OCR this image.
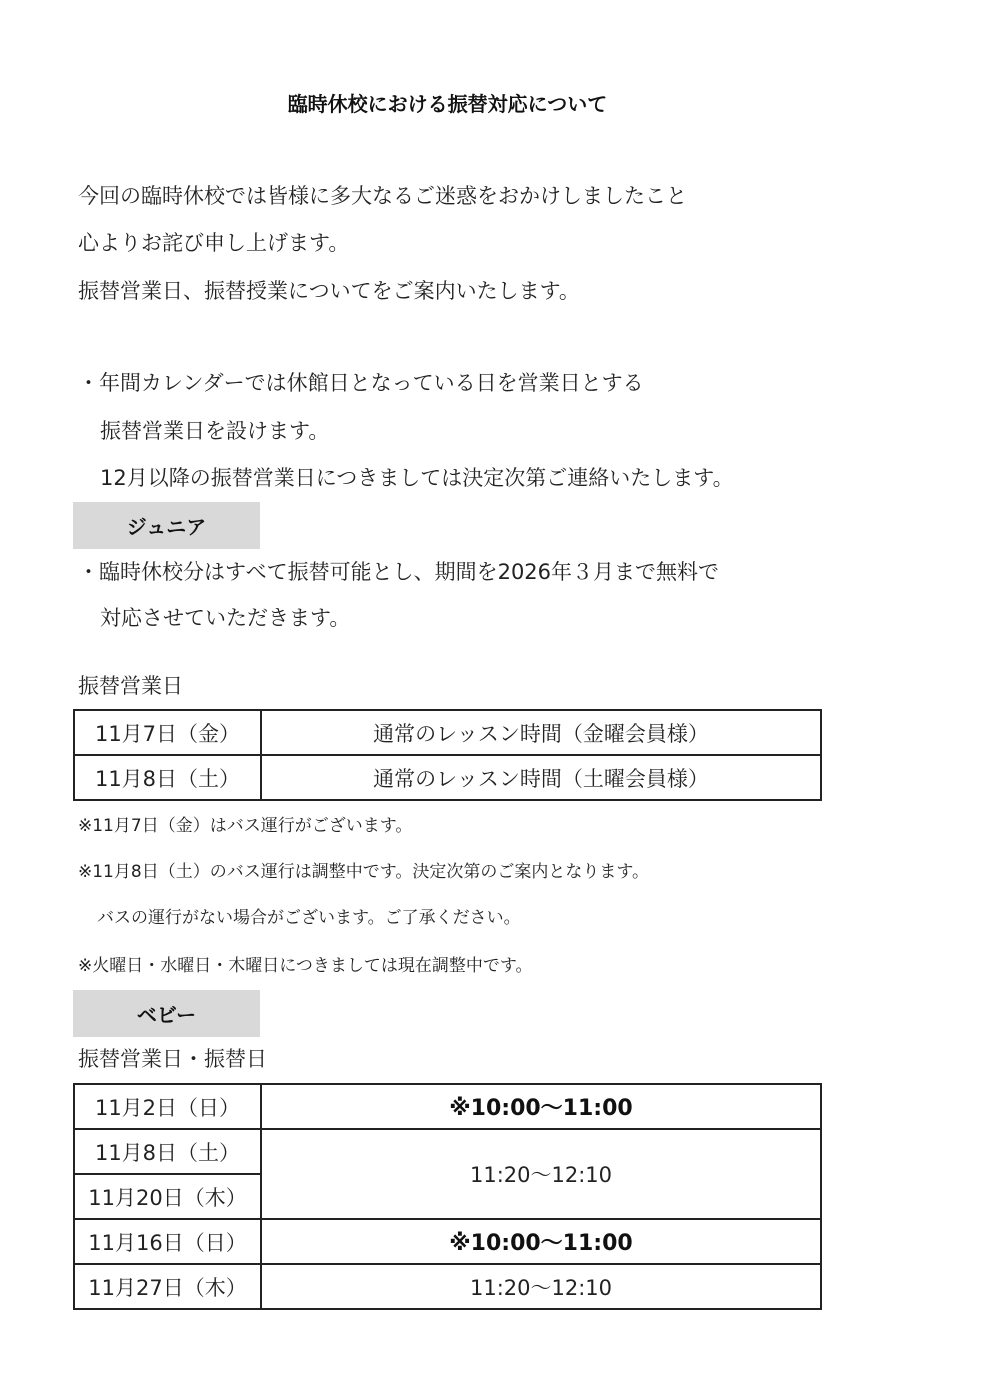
臨時休校における振替対応について
今回の臨時休校では皆様に多大なるご迷惑をおかけしましたこと
心よりお詫び申し上げます。
振替営業日、振替授業についてをご案内いたします。
・年間カレンダーでは休館日となっている日を営業日とする
振替営業日を設けます。
12月以降の振替営業日につきましては決定次第ご連絡いたします。
ジュニア
・臨時休校分はすべて振替可能とし、期間を2026年３月まで無料で
対応させていただきます。
振替営業日
11月7日（金）	通常のレッスン時間（金曜会員様）
11月8日（土）	通常のレッスン時間（土曜会員様）
※11月7日（金）はバス運行がございます。
※11月8日（土）のバス運行は調整中です。決定次第のご案内となります。
バスの運行がない場合がございます。ご了承ください。
※火曜日・水曜日・木曜日につきましては現在調整中です。
ベビー
振替営業日・振替日
11月2日（日）	※10:00〜11:00
11月8日（土）	11:20〜12:10
11月20日（木）	
11月16日（日）	※10:00〜11:00
11月27日（木）	11:20〜12:10
